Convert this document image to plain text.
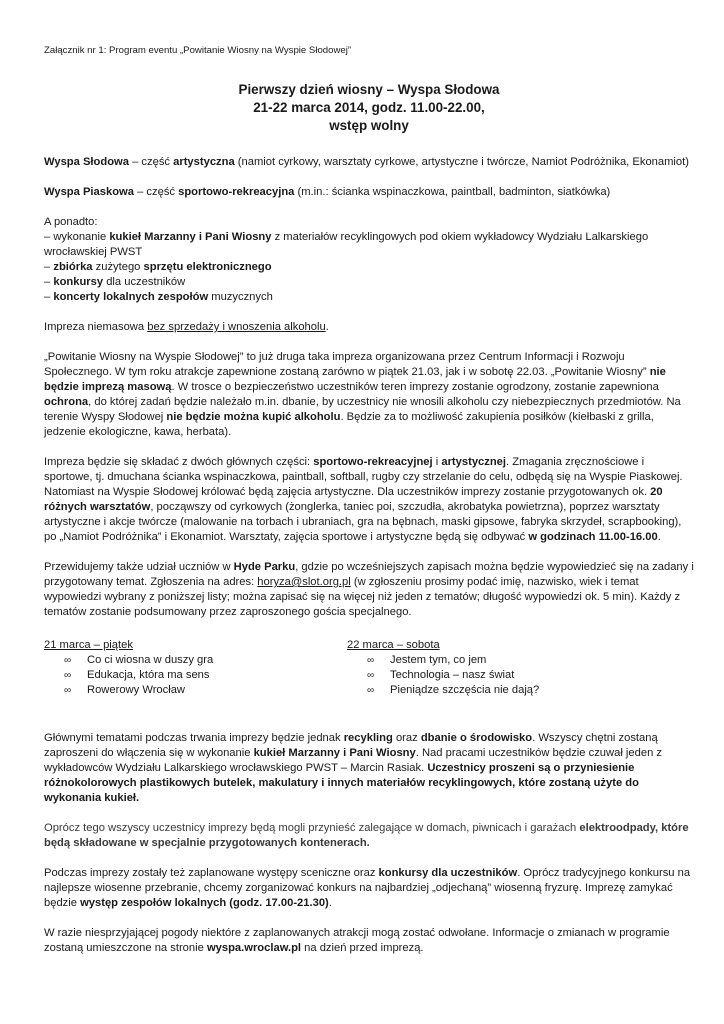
Załącznik nr 1: Program eventu „Powitanie Wiosny na Wyspie Słodowej”
Pierwszy dzień wiosny – Wyspa Słodowa
21-22 marca 2014, godz. 11.00-22.00,
wstęp wolny

Wyspa Słodowa – część artystyczna (namiot cyrkowy, warsztaty cyrkowe, artystyczne i twórcze, Namiot Podróżnika, Ekonamiot)

Wyspa Piaskowa – część sportowo-rekreacyjna (m.in.: ścianka wspinaczkowa, paintball, badminton, siatkówka)

A ponadto:
– wykonanie kukieł Marzanny i Pani Wiosny z materiałów recyklingowych pod okiem wykładowcy Wydziału Lalkarskiego wrocławskiej PWST
– zbiórka zużytego sprzętu elektronicznego
– konkursy dla uczestników
– koncerty lokalnych zespołów muzycznych

Impreza niemasowa bez sprzedaży i wnoszenia alkoholu.

„Powitanie Wiosny na Wyspie Słodowej” to już druga taka impreza organizowana przez Centrum Informacji i Rozwoju Społecznego. W tym roku atrakcje zapewnione zostaną zarówno w piątek 21.03, jak i w sobotę 22.03. „Powitanie Wiosny” nie będzie imprezą masową. W trosce o bezpieczeństwo uczestników teren imprezy zostanie ogrodzony, zostanie zapewniona ochrona, do której zadań będzie należało m.in. dbanie, by uczestnicy nie wnosili alkoholu czy niebezpiecznych przedmiotów. Na terenie Wyspy Słodowej nie będzie można kupić alkoholu. Będzie za to możliwość zakupienia posiłków (kiełbaski z grilla, jedzenie ekologiczne, kawa, herbata).

Impreza będzie się składać z dwóch głównych części: sportowo-rekreacyjnej i artystycznej. Zmagania zręcznościowe i sportowe, tj. dmuchana ścianka wspinaczkowa, paintball, softball, rugby czy strzelanie do celu, odbędą się na Wyspie Piaskowej. Natomiast na Wyspie Słodowej królować będą zajęcia artystyczne. Dla uczestników imprezy zostanie przygotowanych ok. 20 różnych warsztatów, począwszy od cyrkowych (żonglerka, taniec poi, szczudła, akrobatyka powietrzna), poprzez warsztaty artystyczne i akcje twórcze (malowanie na torbach i ubraniach, gra na bębnach, maski gipsowe, fabryka skrzydeł, scrapbooking), po „Namiot Podróżnika” i Ekonamiot. Warsztaty, zajęcia sportowe i artystyczne będą się odbywać w godzinach 11.00-16.00.

Przewidujemy także udział uczniów w Hyde Parku, gdzie po wcześniejszych zapisach można będzie wypowiedzieć się na zadany i przygotowany temat. Zgłoszenia na adres: horyza@slot.org.pl (w zgłoszeniu prosimy podać imię, nazwisko, wiek i temat wypowiedzi wybrany z poniższej listy; można zapisać się na więcej niż jeden z tematów; długość wypowiedzi ok. 5 min). Każdy z tematów zostanie podsumowany przez zaproszonego gościa specjalnego.

21 marca – piątek
∞	Co ci wiosna w duszy gra
∞	Edukacja, która ma sens
∞	Rowerowy Wrocław
22 marca – sobota
∞	Jestem tym, co jem
∞	Technologia – nasz świat
∞	Pieniądze szczęścia nie dają?

Głównymi tematami podczas trwania imprezy będzie jednak recykling oraz dbanie o środowisko. Wszyscy chętni zostaną zaproszeni do włączenia się w wykonanie kukieł Marzanny i Pani Wiosny. Nad pracami uczestników będzie czuwał jeden z wykładowców Wydziału Lalkarskiego wrocławskiego PWST – Marcin Rasiak. Uczestnicy proszeni są o przyniesienie różnokolorowych plastikowych butelek, makulatury i innych materiałów recyklingowych, które zostaną użyte do wykonania kukieł.

Oprócz tego wszyscy uczestnicy imprezy będą mogli przynieść zalegające w domach, piwnicach i garażach elektroodpady, które będą składowane w specjalnie przygotowanych kontenerach.

Podczas imprezy zostały też zaplanowane występy sceniczne oraz konkursy dla uczestników. Oprócz tradycyjnego konkursu na najlepsze wiosenne przebranie, chcemy zorganizować konkurs na najbardziej „odjechaną” wiosenną fryzurę. Imprezę zamykać będzie występ zespołów lokalnych (godz. 17.00-21.30).

W razie niesprzyjającej pogody niektóre z zaplanowanych atrakcji mogą zostać odwołane. Informacje o zmianach w programie zostaną umieszczone na stronie wyspa.wroclaw.pl na dzień przed imprezą.
